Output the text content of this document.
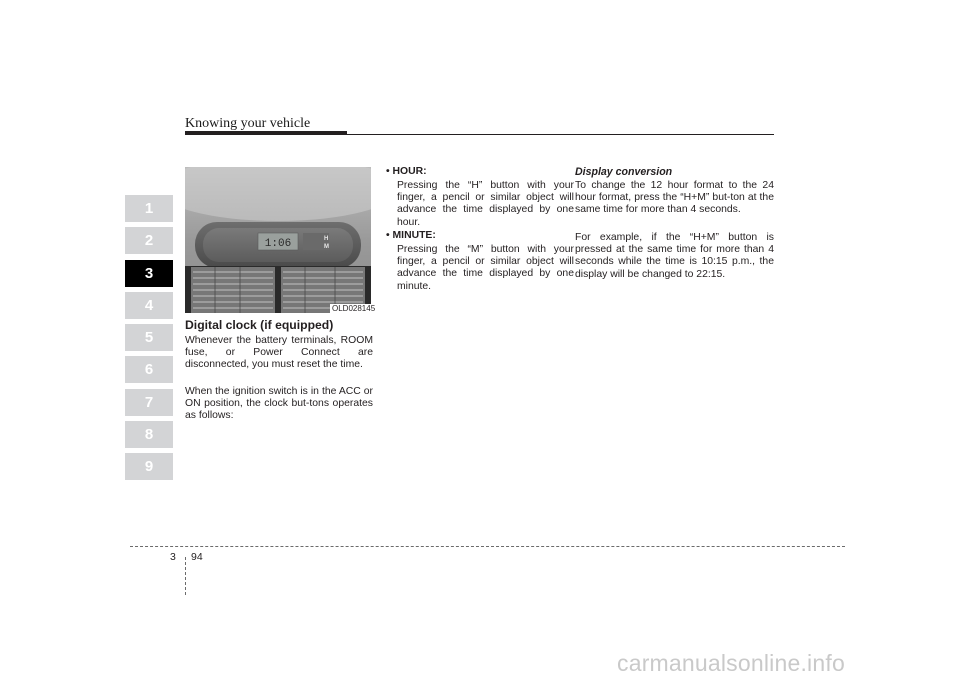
Knowing your vehicle
1
2
3
4
5
6
7
8
9
1:06	H
M
OLD028145
Digital clock (if equipped)

Whenever the battery terminals, ROOM fuse, or Power Connect are disconnected, you must reset the time.

When the ignition switch is in the ACC or ON position, the clock but-tons operates as follows:

• HOUR:

Pressing the “H” button with your finger, a pencil or similar object will advance the time displayed by one hour.

• MINUTE:

Pressing the “M” button with your finger, a pencil or similar object will advance the time displayed by one minute.

Display conversion

To change the 12 hour format to the 24 hour format, press the “H+M” but-ton at the same time for more than 4 seconds.

For example, if the “H+M” button is pressed at the same time for more than 4 seconds while the time is 10:15 p.m., the display will be changed to 22:15.

3 94
carmanualsonline.info
